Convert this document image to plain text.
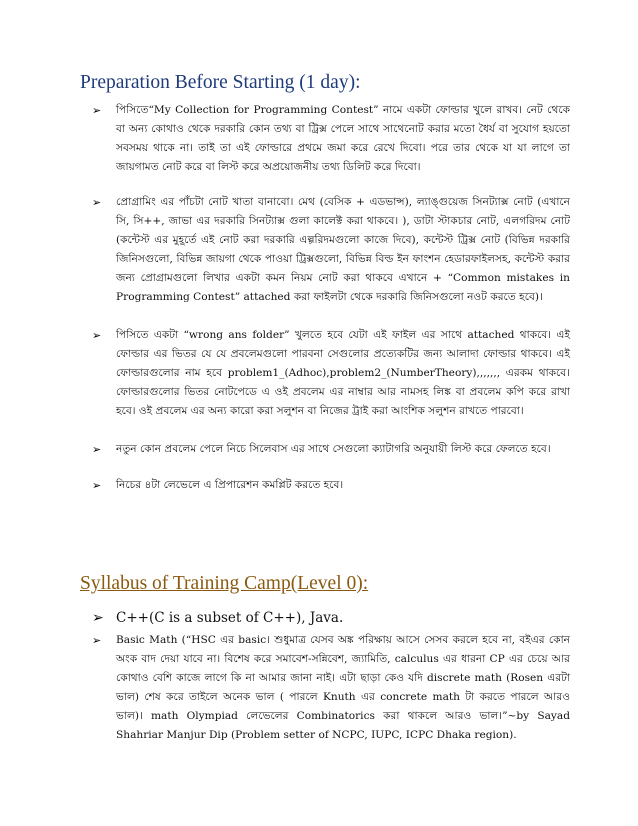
Preparation Before Starting (1 day):
➢ পিসিতে“My Collection for Programming Contest” নামে একটা ফোল্ডার খুলে রাখব। নেট থেকে বা অন্য কোথাও থেকে দরকারি কোন তথ্য বা ট্রিক্স পেলে সাথে সাথেনোট করার মতো ধৈর্য বা সুযোগ হয়তো সবসময় থাকে না। তাই তা এই ফোল্ডারে প্রথমে জমা করে রেখে দিবো। পরে তার থেকে যা যা লাগে তা জায়গামত নোট করে বা লিস্ট করে অপ্রয়োজনীয় তথ্য ডিলিট করে দিবো।
➢ প্রোগ্রামিং এর পাঁচটা নোট খাতা বানাবো। মেথ (বেসিক + এডভান্স), ল্যাঙ্গুয়েজ সিনট্যাক্স নোট (এখানে সি, সি++, জাভা এর দরকারি সিনট্যাক্স গুলা কালেক্ট করা থাকবে। ), ডাটা স্টাকচার নোট, এলগরিদম নোট (কন্টেস্ট এর মুহূর্তে এই নোট করা দরকারি এল্গরিদমগুলো কাজে দিবে), কন্টেস্ট ট্রিক্স নোট (বিভিন্ন দরকারি জিনিসগুলো, বিভিন্ন জায়গা থেকে পাওয়া ট্রিক্সগুলো, বিভিন্ন বিল্ড ইন ফাংশন হেডারফাইলসহ, কন্টেস্ট করার জন্য প্রোগ্রামগুলো লিখার একটা কমন নিয়ম নোট করা থাকবে এখানে + “Common mistakes in Programming Contest” attached করা ফাইলটা থেকে দরকারি জিনিসগুলো নওট করতে হবে)।
➢ পিসিতে একটা “wrong ans folder” খুলতে হবে যেটা এই ফাইল এর সাথে attached থাকবে। এই ফোল্ডার এর ভিতর যে যে প্রবলেমগুলো পারবনা সেগুলোর প্রত্যেকটির জন্য আলাদা ফোল্ডার থাকবে। এই ফোল্ডারগুলোর নাম হবে problem1_(Adhoc),problem2_(NumberTheory),,,,,,, এরকম থাকবে। ফোল্ডারগুলোর ভিতর নোটপেডে এ ওই প্রবলেম এর নাম্বার আর নামসহ লিঙ্ক বা প্রবলেম কপি করে রাখা হবে। ওই প্রবলেম এর অন্য কারো করা সলুশন বা নিজের ট্রাই করা আংশিক সলুশন রাখতে পারবো।
➢ নতুন কোন প্রবলেম পেলে নিচে সিলেবাস এর সাথে সেগুলো ক্যাটাগরি অনুযায়ী লিস্ট করে ফেলতে হবে।
➢ নিচের ৪টা লেভেলে এ প্রিপারেশন কমপ্লিট করতে হবে।
Syllabus of Training Camp(Level 0):
➢ C++(C is a subset of C++), Java.
➢ Basic Math (“HSC এর basic। শুধুমাত্র যেসব অঙ্ক পরিক্ষায় আসে সেসব করলে হবে না, বইএর কোন অংক বাদ দেয়া যাবে না। বিশেষ করে সমাবেশ-সন্নিবেশ, জ্যামিতি, calculus এর ধারনা CP এর চেয়ে আর কোথাও বেশি কাজে লাগে কি না আমার জানা নাই। এটা ছাড়া কেও যদি discrete math (Rosen এরটা ভাল) শেষ করে তাইলে অনেক ভাল ( পারলে Knuth এর concrete math টা করতে পারলে আরও ভাল)। math Olympiad লেভেলের Combinatorics করা থাকলে আরও ভাল।”~by Sayad Shahriar Manjur Dip (Problem setter of NCPC, IUPC, ICPC Dhaka region).
